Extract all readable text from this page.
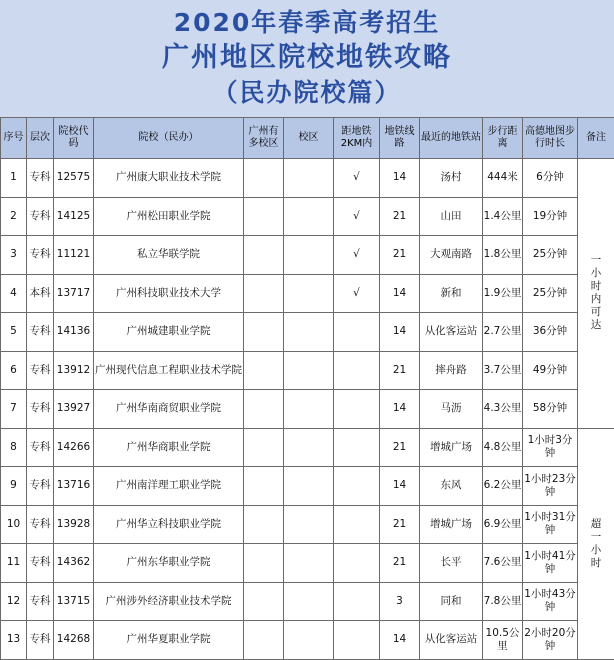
2020年春季高考招生
广州地区院校地铁攻略
（民办院校篇）
序号	层次	院校代码	院校（民办）	广州有多校区	校区	距地铁2KM内	地铁线路	最近的地铁站	步行距离	高德地图步行时长	备注
1	专科	12575	广州康大职业技术学院			√	14	汤村	444米	6分钟	一小时内可达
2	专科	14125	广州松田职业学院			√	21	山田	1.4公里	19分钟	
3	专科	11121	私立华联学院			√	21	大观南路	1.8公里	25分钟	
4	本科	13717	广州科技职业技术大学			√	14	新和	1.9公里	25分钟	
5	专科	14136	广州城建职业学院				14	从化客运站	2.7公里	36分钟	
6	专科	13912	广州现代信息工程职业技术学院				21	摔舟路	3.7公里	49分钟	
7	专科	13927	广州华南商贸职业学院				14	马沥	4.3公里	58分钟	
8	专科	14266	广州华商职业学院				21	增城广场	4.8公里	1小时3分钟	超一小时
9	专科	13716	广州南洋理工职业学院				14	东风	6.2公里	1小时23分钟	
10	专科	13928	广州华立科技职业学院				21	增城广场	6.9公里	1小时31分钟	
11	专科	14362	广州东华职业学院				21	长平	7.6公里	1小时41分钟	
12	专科	13715	广州涉外经济职业技术学院				3	同和	7.8公里	1小时43分钟	
13	专科	14268	广州华夏职业学院				14	从化客运站	10.5公里	2小时20分钟	
